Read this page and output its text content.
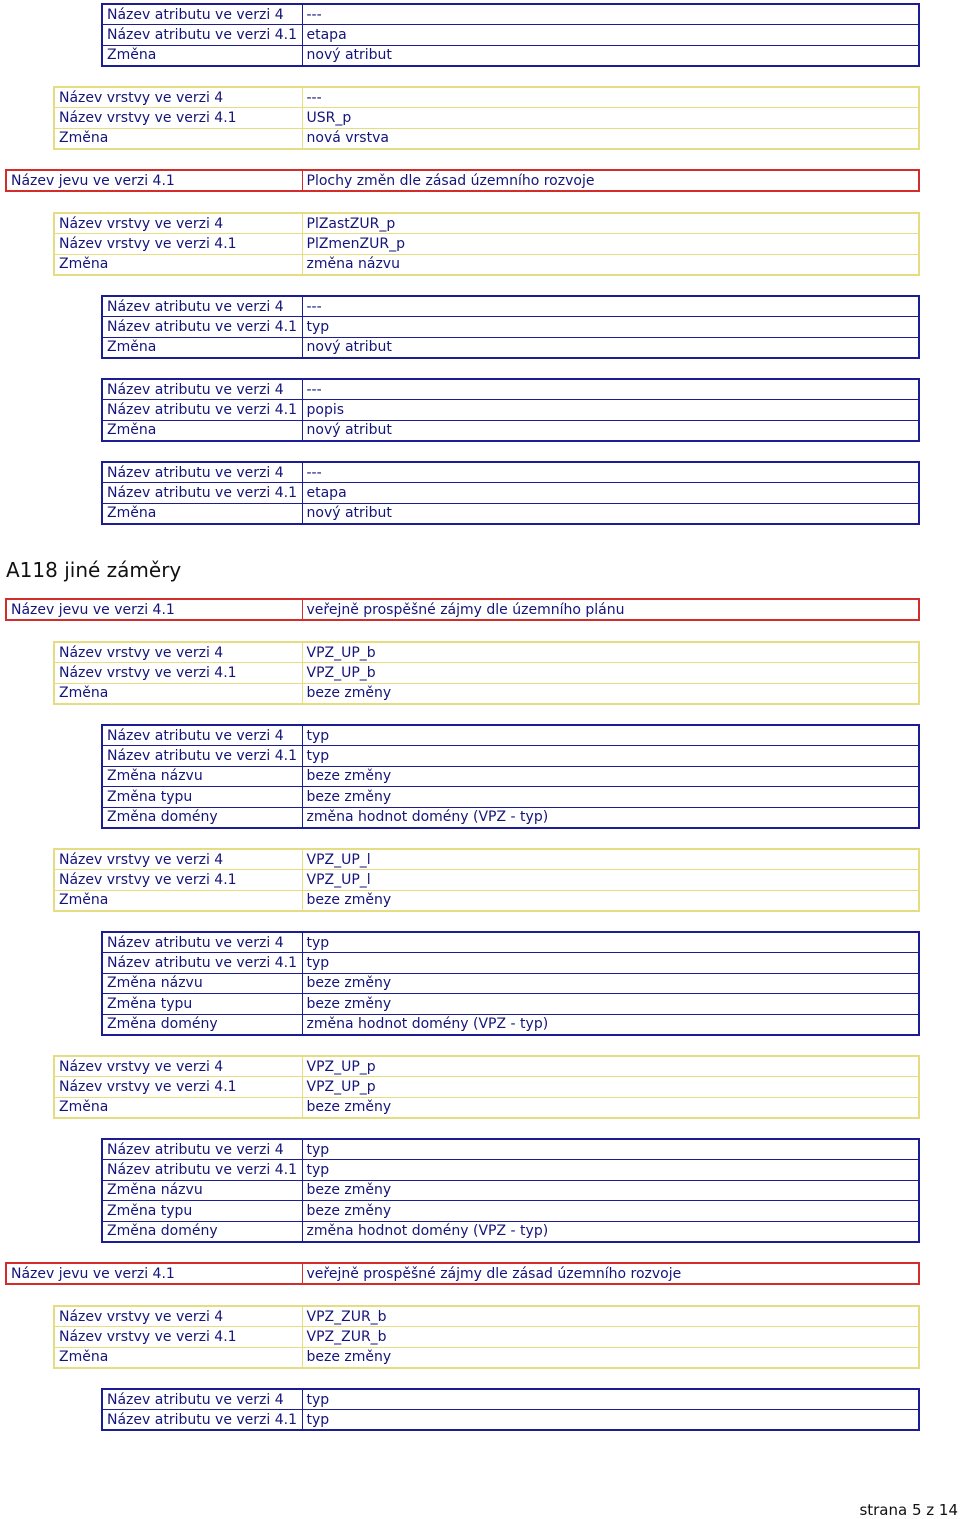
Název atributu ve verzi 4	---
Název atributu ve verzi 4.1	etapa
Změna	nový atribut
Název vrstvy ve verzi 4	---
Název vrstvy ve verzi 4.1	USR_p
Změna	nová vrstva
Název jevu ve verzi 4.1	Plochy změn dle zásad územního rozvoje
Název vrstvy ve verzi 4	PlZastZUR_p
Název vrstvy ve verzi 4.1	PlZmenZUR_p
Změna	změna názvu
Název atributu ve verzi 4	---
Název atributu ve verzi 4.1	typ
Změna	nový atribut
Název atributu ve verzi 4	---
Název atributu ve verzi 4.1	popis
Změna	nový atribut
Název atributu ve verzi 4	---
Název atributu ve verzi 4.1	etapa
Změna	nový atribut
Název jevu ve verzi 4.1	veřejně prospěšné zájmy dle územního plánu
Název vrstvy ve verzi 4	VPZ_UP_b
Název vrstvy ve verzi 4.1	VPZ_UP_b
Změna	beze změny
Název atributu ve verzi 4	typ
Název atributu ve verzi 4.1	typ
Změna názvu	beze změny
Změna typu	beze změny
Změna domény	změna hodnot domény (VPZ - typ)
Název vrstvy ve verzi 4	VPZ_UP_l
Název vrstvy ve verzi 4.1	VPZ_UP_l
Změna	beze změny
Název atributu ve verzi 4	typ
Název atributu ve verzi 4.1	typ
Změna názvu	beze změny
Změna typu	beze změny
Změna domény	změna hodnot domény (VPZ - typ)
Název vrstvy ve verzi 4	VPZ_UP_p
Název vrstvy ve verzi 4.1	VPZ_UP_p
Změna	beze změny
Název atributu ve verzi 4	typ
Název atributu ve verzi 4.1	typ
Změna názvu	beze změny
Změna typu	beze změny
Změna domény	změna hodnot domény (VPZ - typ)
Název jevu ve verzi 4.1	veřejně prospěšné zájmy dle zásad územního rozvoje
Název vrstvy ve verzi 4	VPZ_ZUR_b
Název vrstvy ve verzi 4.1	VPZ_ZUR_b
Změna	beze změny
Název atributu ve verzi 4	typ
Název atributu ve verzi 4.1	typ
A118 jiné záměry
strana 5 z 14
